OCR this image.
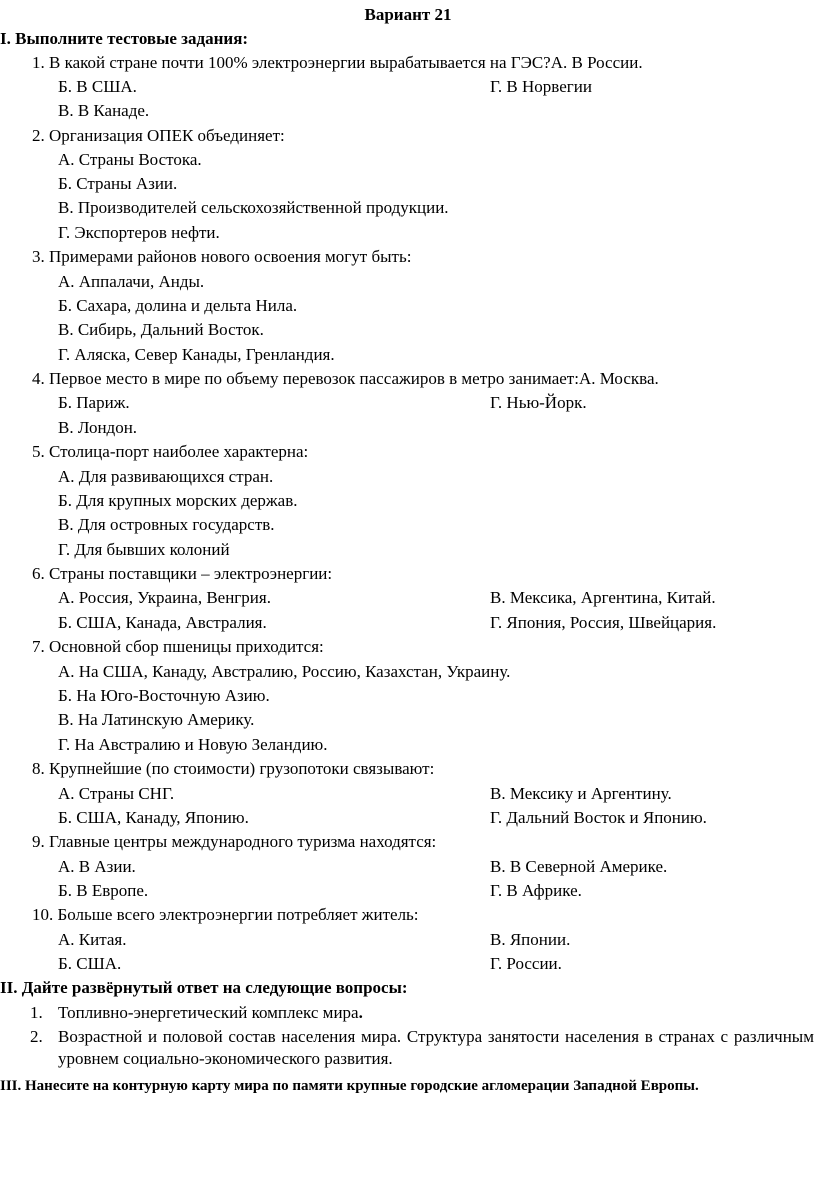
Вариант 21
I. Выполните тестовые задания:
1. В какой стране почти 100% электроэнергии вырабатывается на ГЭС?А. В России.
Б. В США.	Г. В Норвегии
В. В Канаде.
2. Организация ОПЕК объединяет:
А. Страны Востока.
Б. Страны Азии.
В. Производителей сельскохозяйственной продукции.
Г. Экспортеров нефти.
3. Примерами районов нового освоения могут быть:
А. Аппалачи, Анды.
Б. Сахара, долина и дельта Нила.
В. Сибирь, Дальний Восток.
Г. Аляска, Север Канады, Гренландия.
4. Первое место в мире по объему перевозок пассажиров в метро занимает:А. Москва.
Б. Париж.	Г. Нью-Йорк.
В. Лондон.
5. Столица-порт наиболее характерна:
А. Для развивающихся стран.
Б. Для крупных морских держав.
В. Для островных государств.
Г. Для бывших колоний
6. Страны поставщики – электроэнергии:
А. Россия, Украина, Венгрия.	В. Мексика, Аргентина, Китай.
Б. США, Канада, Австралия.	Г. Япония, Россия, Швейцария.
7. Основной сбор пшеницы приходится:
А. На США, Канаду, Австралию, Россию, Казахстан, Украину.
Б. На Юго-Восточную Азию.
В. На Латинскую Америку.
Г. На Австралию и Новую Зеландию.
8. Крупнейшие (по стоимости) грузопотоки связывают:
А. Страны СНГ.	В. Мексику и Аргентину.
Б. США, Канаду, Японию.	Г. Дальний Восток и Японию.
9. Главные центры международного туризма находятся:
А. В Азии.	В. В Северной Америке.
Б. В Европе.	Г. В Африке.
10. Больше всего электроэнергии потребляет житель:
А. Китая.	В. Японии.
Б. США.	Г. России.
II. Дайте развёрнутый ответ на следующие вопросы:
1. Топливно-энергетический комплекс мира.
2. Возрастной и половой состав населения мира. Структура занятости населения в странах с различным уровнем социально-экономического развития.
III. Нанесите на контурную карту мира по памяти крупные городские агломерации Западной Европы.
